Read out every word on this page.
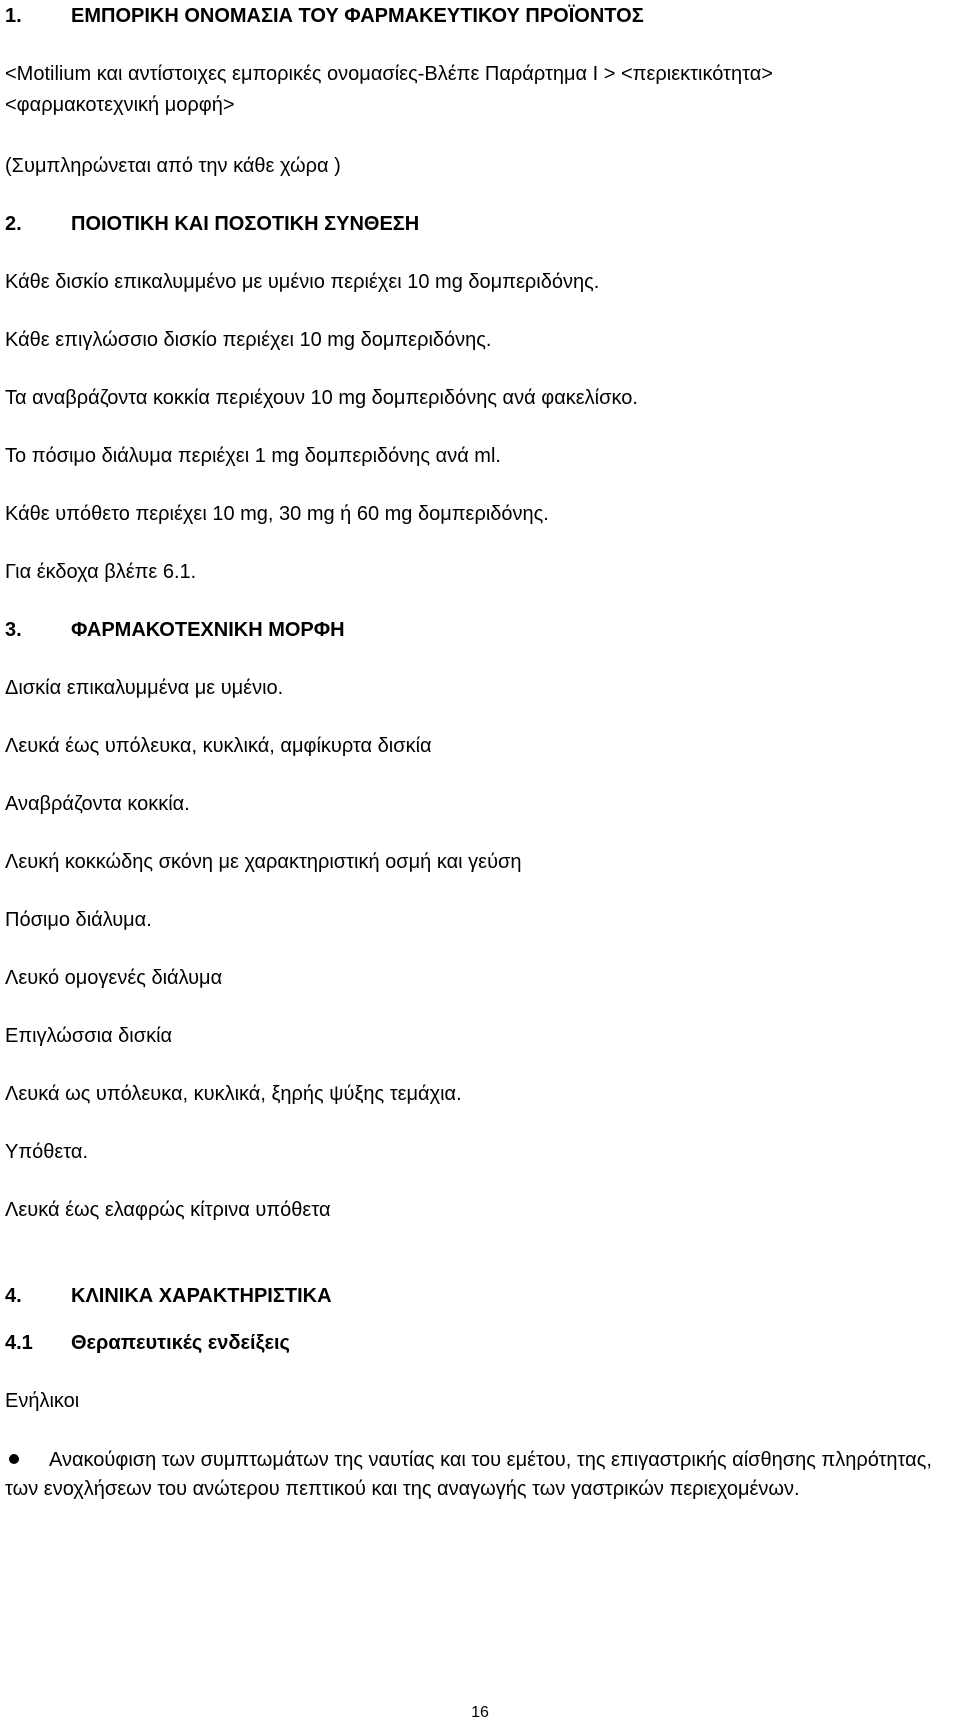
1. ΕΜΠΟΡΙΚΗ ΟΝΟΜΑΣΙΑ ΤΟΥ ΦΑΡΜΑΚΕΥΤΙΚΟΥ ΠΡΟΪΟΝΤΟΣ
<Motilium και αντίστοιχες εμπορικές ονομασίες-Βλέπε Παράρτημα Ι > <περιεκτικότητα>
<φαρμακοτεχνική μορφή>
(Συμπληρώνεται από την κάθε χώρα )
2. ΠΟΙΟΤΙΚΗ ΚΑΙ ΠΟΣΟΤΙΚΗ ΣΥΝΘΕΣΗ
Κάθε δισκίο επικαλυμμένο με υμένιο περιέχει 10 mg δομπεριδόνης.
Κάθε επιγλώσσιο δισκίο περιέχει 10 mg δομπεριδόνης.
Τα αναβράζοντα κοκκία περιέχουν 10 mg δομπεριδόνης ανά φακελίσκο.
Το πόσιμο διάλυμα περιέχει 1 mg δομπεριδόνης ανά ml.
Κάθε υπόθετο περιέχει 10 mg, 30 mg ή 60 mg δομπεριδόνης.
Για έκδοχα βλέπε 6.1.
3. ΦΑΡΜΑΚΟΤΕΧΝΙΚΗ ΜΟΡΦΗ
Δισκία επικαλυμμένα με υμένιο.
Λευκά έως υπόλευκα, κυκλικά, αμφίκυρτα δισκία
Αναβράζοντα κοκκία.
Λευκή κοκκώδης σκόνη με χαρακτηριστική οσμή και γεύση
Πόσιμο διάλυμα.
Λευκό ομογενές διάλυμα
Επιγλώσσια δισκία
Λευκά ως υπόλευκα, κυκλικά, ξηρής ψύξης τεμάχια.
Υπόθετα.
Λευκά έως ελαφρώς κίτρινα υπόθετα
4. ΚΛΙΝΙΚΑ ΧΑΡΑΚΤΗΡΙΣΤΙΚΑ
4.1 Θεραπευτικές ενδείξεις
Ενήλικοι
Ανακούφιση των συμπτωμάτων της ναυτίας και του εμέτου, της επιγαστρικής αίσθησης πληρότητας, των ενοχλήσεων του ανώτερου πεπτικού και της αναγωγής των γαστρικών περιεχομένων.
16
